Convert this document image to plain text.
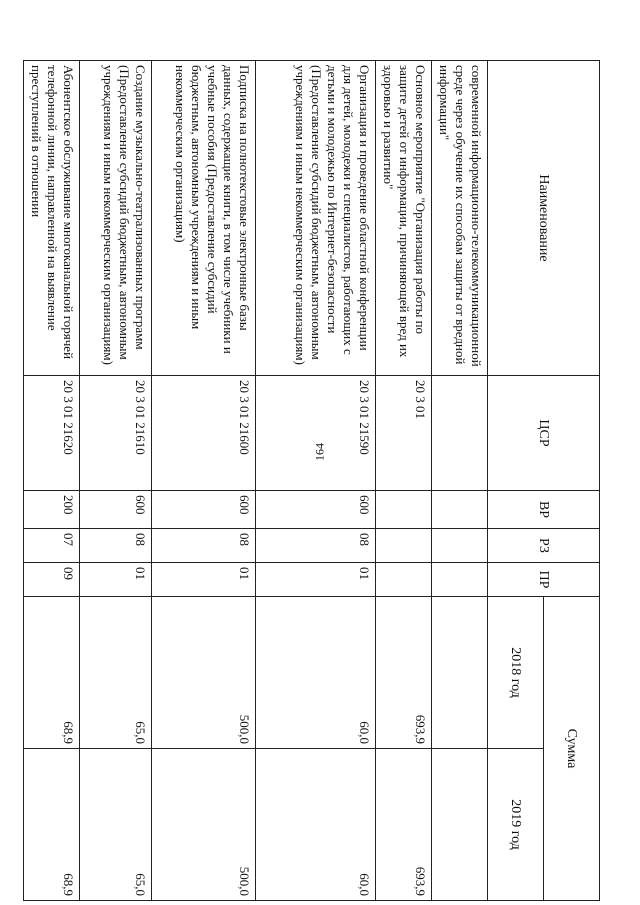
164
Наименование	ЦСР	ВР	РЗ	ПР	Сумма	
					2018 год	2019 год
современной информационно-телекоммуникационной среде через обучение их способам защиты от вредной информации"						
Основное мероприятие "Организация работы по защите детей от информации, причиняющей вред их здоровью и развитию"	20 3 01				693,9	693,9
Организация и проведение областной конференции для детей, молодежи и специалистов, работающих с детьми и молодежью по Интернет-безопасности (Предоставление субсидий бюджетным, автономным учреждениям и иным некоммерческим организациям)	20 3 01 21590	600	08	01	60,0	60,0
Подписка на полнотекстовые электронные базы данных, содержащие книги, в том числе учебники и учебные пособия (Предоставление субсидий бюджетным, автономным учреждениям и иным некоммерческим организациям)	20 3 01 21600	600	08	01	500,0	500,0
Создание музыкально-театрализованных программ (Предоставление субсидий бюджетным, автономным учреждениям и иным некоммерческим организациям)	20 3 01 21610	600	08	01	65,0	65,0
Абонентское обслуживание многоканальной горячей телефонной линии, направленной на выявление преступлений в отношении	20 3 01 21620	200	07	09	68,9	68,9
